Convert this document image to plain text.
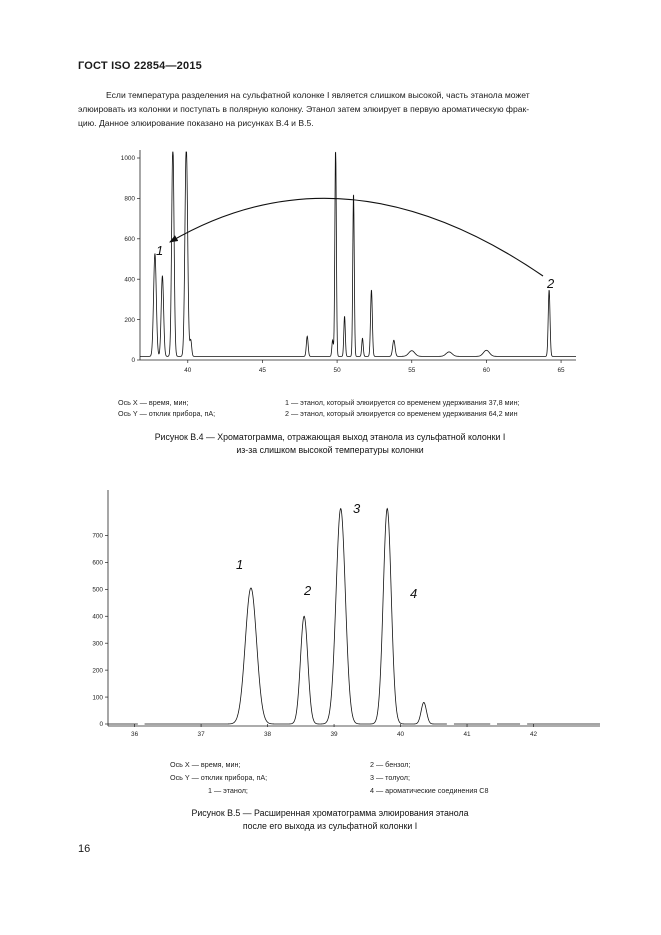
ГОСТ ISO 22854—2015
Если температура разделения на сульфатной колонке I является слишком высокой, часть этанола может
элюировать из колонки и поступать в полярную колонку. Этанол затем элюирует в первую ароматическую фрак-
цию. Данное элюирование показано на рисунках В.4 и В.5.
40	45	50	55	60	65
0
200
400
600
800
1000
1
2
36	37	38	39	40	41	42
0
100
200
300
400
500
600
700
1
2
3
4
Ось X — время, мин;
Ось Y — отклик прибора, пА;
1 — этанол, который элюируется со временем удерживания 37,8 мин;
2 — этанол, который элюируется со временем удерживания 64,2 мин
Рисунок В.4 — Хроматограмма, отражающая выход этанола из сульфатной колонки I
из-за слишком высокой температуры колонки
Ось X — время, мин;
Ось Y — отклик прибора, пА;
1 — этанол;
2 — бензол;
3 — толуол;
4 — ароматические соединения С8
Рисунок В.5 — Расширенная хроматограмма элюирования этанола
после его выхода из сульфатной колонки I
16
